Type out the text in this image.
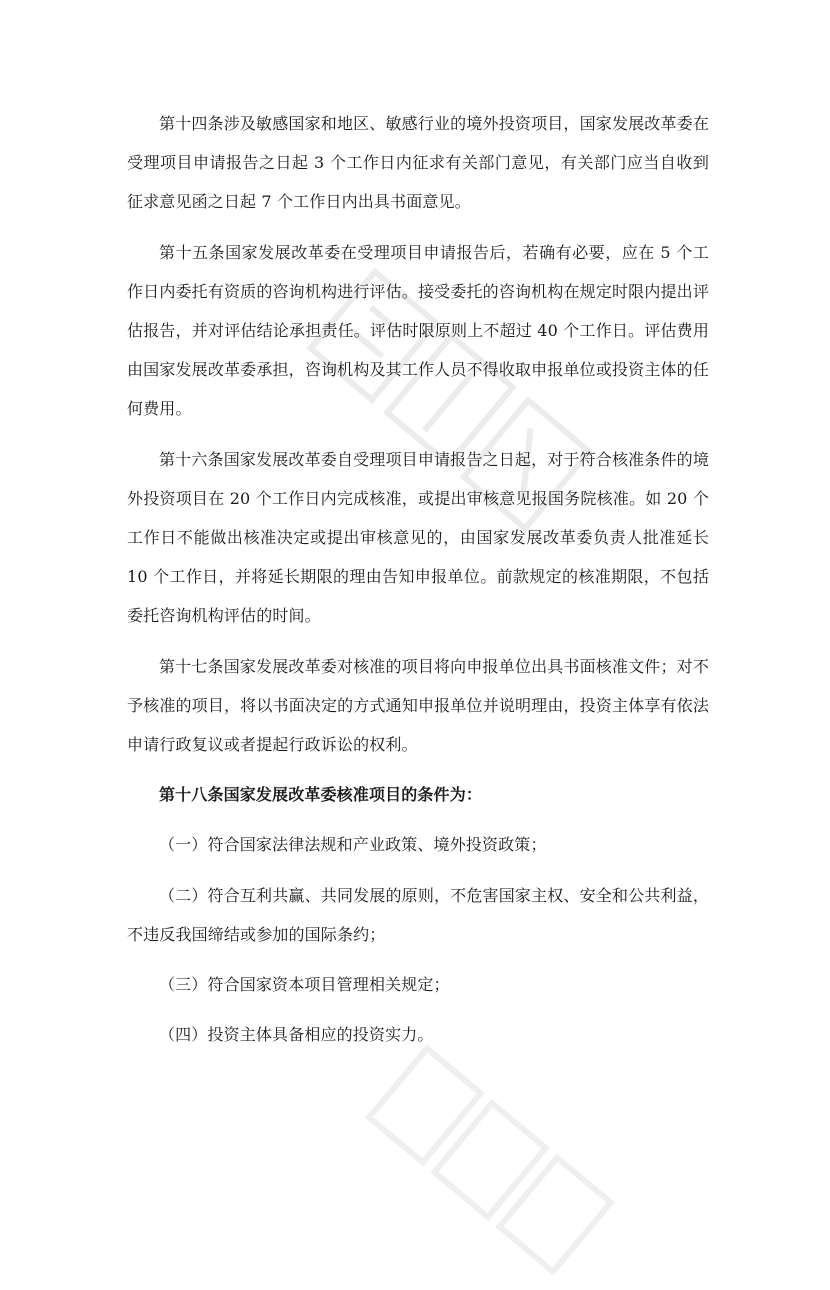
第十四条涉及敏感国家和地区、敏感行业的境外投资项目，国家发展改革委在受理项目申请报告之日起 3 个工作日内征求有关部门意见，有关部门应当自收到征求意见函之日起 7 个工作日内出具书面意见。

第十五条国家发展改革委在受理项目申请报告后，若确有必要，应在 5 个工作日内委托有资质的咨询机构进行评估。接受委托的咨询机构在规定时限内提出评估报告，并对评估结论承担责任。评估时限原则上不超过 40 个工作日。评估费用由国家发展改革委承担，咨询机构及其工作人员不得收取申报单位或投资主体的任何费用。

第十六条国家发展改革委自受理项目申请报告之日起，对于符合核准条件的境外投资项目在 20 个工作日内完成核准，或提出审核意见报国务院核准。如 20 个工作日不能做出核准决定或提出审核意见的，由国家发展改革委负责人批准延长 10 个工作日，并将延长期限的理由告知申报单位。前款规定的核准期限，不包括委托咨询机构评估的时间。

第十七条国家发展改革委对核准的项目将向申报单位出具书面核准文件；对不予核准的项目，将以书面决定的方式通知申报单位并说明理由，投资主体享有依法申请行政复议或者提起行政诉讼的权利。

第十八条国家发展改革委核准项目的条件为：

（一）符合国家法律法规和产业政策、境外投资政策；

（二）符合互利共赢、共同发展的原则，不危害国家主权、安全和公共利益，不违反我国缔结或参加的国际条约；

（三）符合国家资本项目管理相关规定；

（四）投资主体具备相应的投资实力。
